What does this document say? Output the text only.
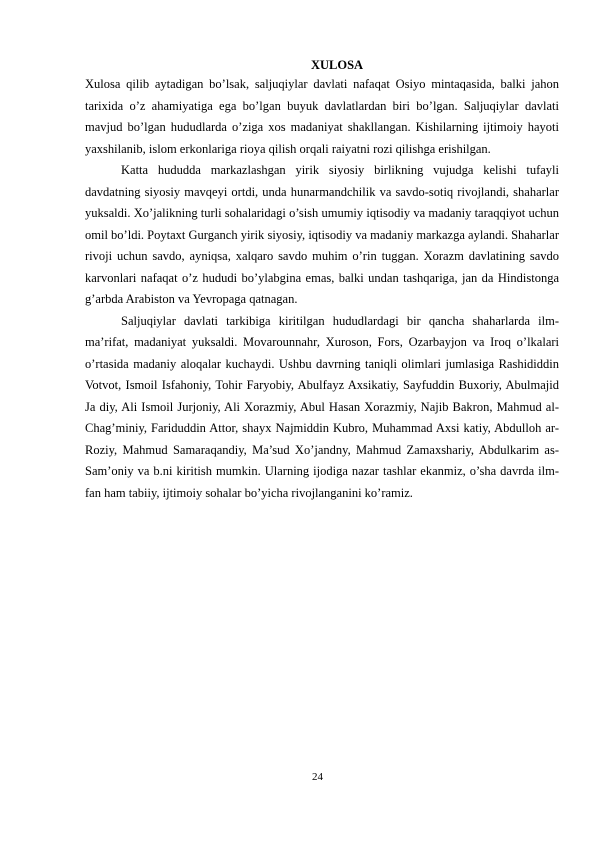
XULOSA

Xulosa qilib aytadigan bo’lsak, saljuqiylar davlati nafaqat Osiyo mintaqasida, balki jahon tarixida o’z ahamiyatiga ega bo’lgan buyuk davlatlardan biri bo’lgan. Saljuqiylar davlati mavjud bo’lgan hududlarda o’ziga xos madaniyat shakllangan. Kishilarning ijtimoiy hayoti yaxshilanib, islom erkonlariga rioya qilish orqali raiyatni rozi qilishga erishilgan.

Katta hududda markazlashgan yirik siyosiy birlikning vujudga kelishi tufayli davdatning siyosiy mavqeyi ortdi, unda hunarmandchilik va savdo-sotiq rivojlandi, shaharlar yuksaldi. Xo’jalikning turli sohalaridagi o’sish umumiy iqtisodiy va madaniy taraqqiyot uchun omil bo’ldi. Poytaxt Gurganch yirik siyosiy, iqtisodiy va madaniy markazga aylandi. Shaharlar rivoji uchun savdo, ayniqsa, xalqaro savdo muhim o’rin tuggan. Xorazm davlatining savdo karvonlari nafaqat o’z hududi bo’ylabgina emas, balki undan tashqariga, jan da Hindistonga g’arbda Arabiston va Yevropaga qatnagan.

Saljuqiylar davlati tarkibiga kiritilgan hududlardagi bir qancha shaharlarda ilm-ma’rifat, madaniyat yuksaldi. Movarounnahr, Xuroson, Fors, Ozarbayjon va Iroq o’lkalari o’rtasida madaniy aloqalar kuchaydi. Ushbu davrning taniqli olimlari jumlasiga Rashididdin Votvot, Ismoil Isfahoniy, Tohir Faryobiy, Abulfayz Axsikatiy, Sayfuddin Buxoriy, Abulmajid Ja diy, Ali Ismoil Jurjoniy, Ali Xorazmiy, Abul Hasan Xorazmiy, Najib Bakron, Mahmud al-Chag’miniy, Fariduddin Attor, shayx Najmiddin Kubro, Muhammad Axsi katiy, Abdulloh ar-Roziy, Mahmud Samaraqandiy, Ma’sud Xo’jandny, Mahmud Zamaxshariy, Abdulkarim as-Sam’oniy va b.ni kiritish mumkin. Ularning ijodiga nazar tashlar ekanmiz, o’sha davrda ilm-fan ham tabiiy, ijtimoiy sohalar bo’yicha rivojlanganini ko’ramiz.

24
